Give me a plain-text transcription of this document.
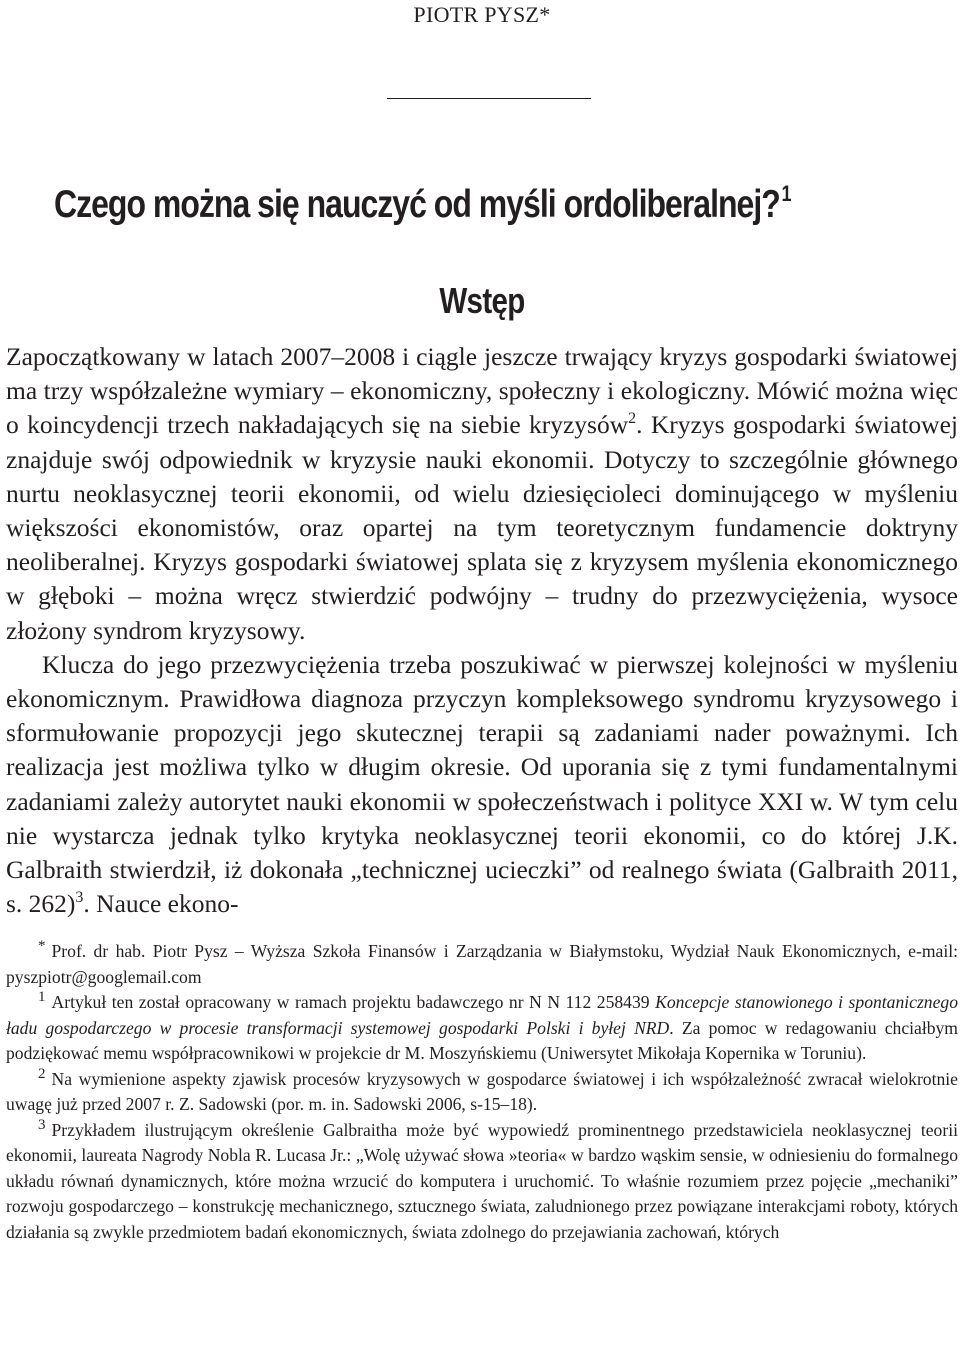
PIOTR PYSZ*
Czego można się nauczyć od myśli ordoliberalnej?$^1$
Wstęp

Zapoczątkowany w latach 2007–2008 i ciągle jeszcze trwający kryzys gospodarki światowej ma trzy współzależne wymiary – ekonomiczny, społeczny i ekologiczny. Mówić można więc o koincydencji trzech nakładających się na siebie kryzysów$^2$. Kryzys gospodarki światowej znajduje swój odpowiednik w kryzysie nauki ekonomii. Dotyczy to szczególnie głównego nurtu neoklasycznej teorii ekonomii, od wielu dziesięcioleci dominującego w myśleniu większości ekonomistów, oraz opartej na tym teoretycznym fundamencie doktryny neoliberalnej. Kryzys gospodarki światowej splata się z kryzysem myślenia ekonomicznego w głęboki – można wręcz stwierdzić podwójny – trudny do przezwyciężenia, wysoce złożony syndrom kryzysowy.

Klucza do jego przezwyciężenia trzeba poszukiwać w pierwszej kolejności w myśleniu ekonomicznym. Prawidłowa diagnoza przyczyn kompleksowego syndromu kryzysowego i sformułowanie propozycji jego skutecznej terapii są zadaniami nader poważnymi. Ich realizacja jest możliwa tylko w długim okresie. Od uporania się z tymi fundamentalnymi zadaniami zależy autorytet nauki ekonomii w społeczeństwach i polityce XXI w. W tym celu nie wystarcza jednak tylko krytyka neoklasycznej teorii ekonomii, co do której J.K. Galbraith stwierdził, iż dokonała „technicznej ucieczki” od realnego świata (Galbraith 2011, s. 262)$^3$. Nauce ekono-

* Prof. dr hab. Piotr Pysz – Wyższa Szkoła Finansów i Zarządzania w Białymstoku, Wydział Nauk Ekonomicznych, e-mail: pyszpiotr@googlemail.com

1 Artykuł ten został opracowany w ramach projektu badawczego nr N N 112 258439 Koncepcje stanowionego i spontanicznego ładu gospodarczego w procesie transformacji systemowej gospodarki Polski i byłej NRD. Za pomoc w redagowaniu chciałbym podziękować memu współpracownikowi w projekcie dr M. Moszyńskiemu (Uniwersytet Mikołaja Kopernika w Toruniu).

2 Na wymienione aspekty zjawisk procesów kryzysowych w gospodarce światowej i ich współzależność zwracał wielokrotnie uwagę już przed 2007 r. Z. Sadowski (por. m. in. Sadowski 2006, s-15–18).

3 Przykładem ilustrującym określenie Galbraitha może być wypowiedź prominentnego przedstawiciela neoklasycznej teorii ekonomii, laureata Nagrody Nobla R. Lucasa Jr.: „Wolę używać słowa »teoria« w bardzo wąskim sensie, w odniesieniu do formalnego układu równań dynamicznych, które można wrzucić do komputera i uruchomić. To właśnie rozumiem przez pojęcie „mechaniki” rozwoju gospodarczego – konstrukcję mechanicznego, sztucznego świata, zaludnionego przez powiązane interakcjami roboty, których działania są zwykle przedmiotem badań ekonomicznych, świata zdolnego do przejawiania zachowań, których
